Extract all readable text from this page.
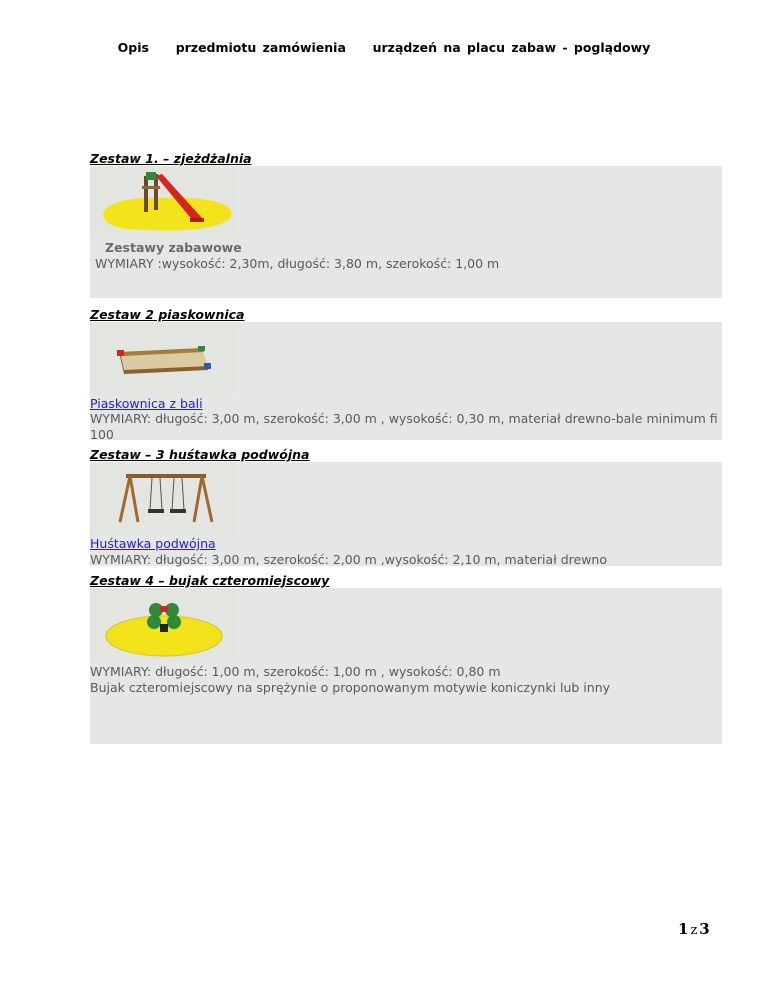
Opis przedmiotu zamówienia urządzeń na placu zabaw - poglądowy
Zestaw 1. – zjeżdżalnia
Zestawy zabawowe
WYMIARY :wysokość: 2,30m, długość: 3,80 m, szerokość: 1,00 m
Zestaw 2 piaskownica
Piaskownica z bali
WYMIARY: długość: 3,00 m, szerokość: 3,00 m , wysokość: 0,30 m, materiał drewno-bale minimum fi 100
Zestaw – 3 huśtawka podwójna
Huśtawka podwójna
WYMIARY: długość: 3,00 m, szerokość: 2,00 m ,wysokość: 2,10 m, materiał drewno
Zestaw 4 – bujak czteromiejscowy
WYMIARY: długość: 1,00 m, szerokość: 1,00 m , wysokość: 0,80 m
Bujak czteromiejscowy na sprężynie o proponowanym motywie koniczynki lub inny
1 z 3
